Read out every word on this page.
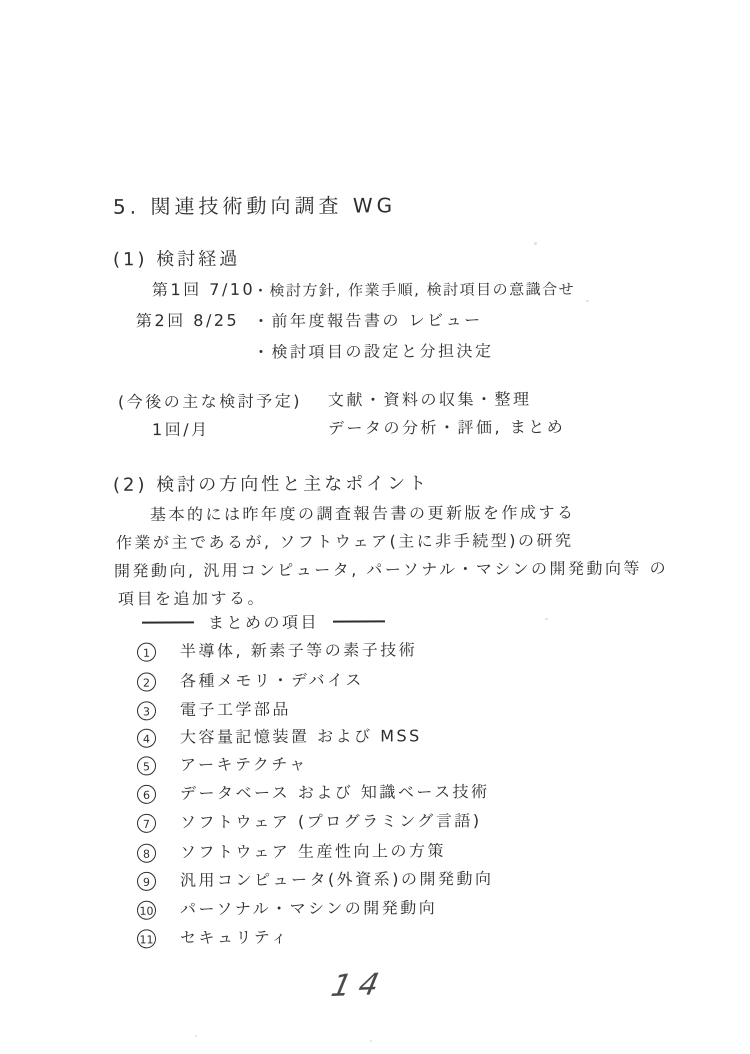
5. 関連技術動向調査 WG
(1) 検討経過
第1回 7/10
・検討方針, 作業手順, 検討項目の意識合せ
第2回 8/25 ・前年度報告書の レビュー
・検討項目の設定と分担決定
(今後の主な検討予定) 文献・資料の収集・整理
1回/月	データの分析・評価, まとめ
(2) 検討の方向性と主なポイント
基本的には昨年度の調査報告書の更新版を作成する
作業が主であるが, ソフトウェア(主に非手続型)の研究
開発動向, 汎用コンピュータ, パーソナル・マシンの開発動向等 の
項目を追加する。
まとめの項目
1 半導体, 新素子等の素子技術
2 各種メモリ・デバイス
3 電子工学部品
4 大容量記憶装置 および MSS
5 アーキテクチャ
6 データベース および 知識ベース技術
7 ソフトウェア (プログラミング言語)
8 ソフトウェア 生産性向上の方策
9 汎用コンピュータ(外資系)の開発動向
10 パーソナル・マシンの開発動向
11 セキュリティ
14
